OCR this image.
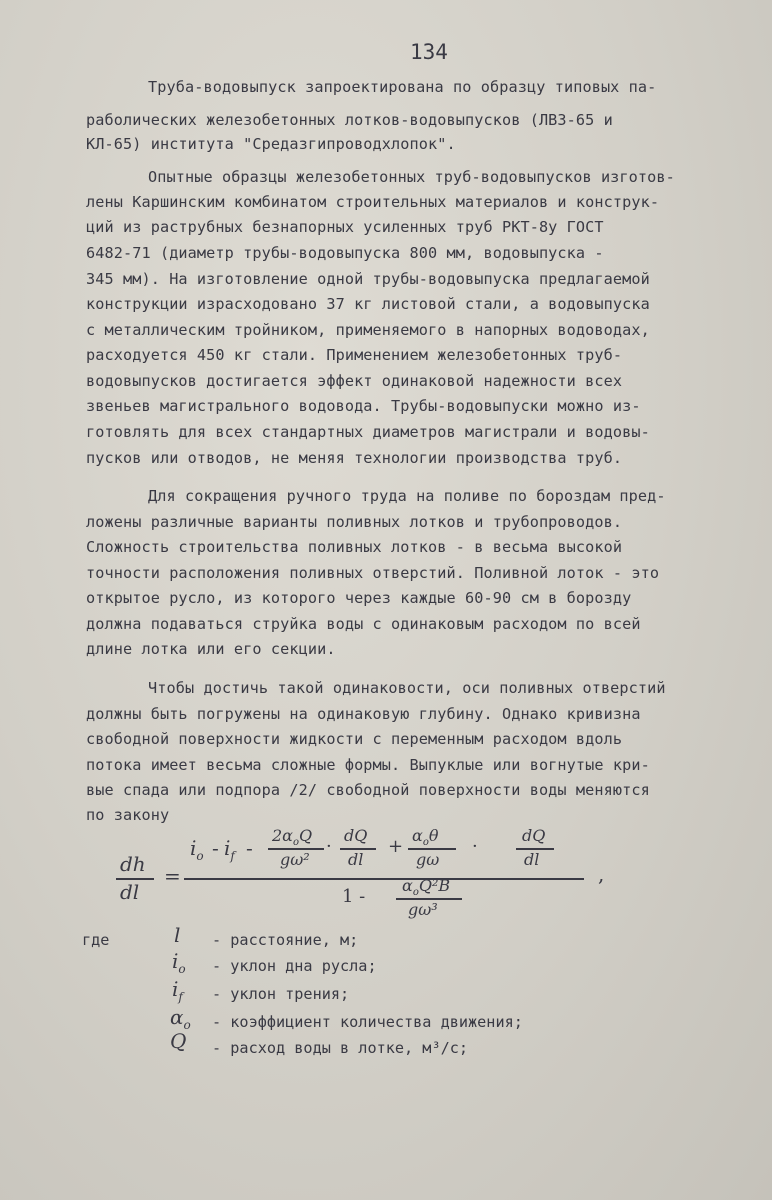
134
Труба-водовыпуск запроектирована по образцу типовых па-
раболических железобетонных лотков-водовыпусков (ЛВЗ-65 и
КЛ-65) института "Средазгипроводхлопок".
Опытные образцы железобетонных труб-водовыпусков изготов-
лены Каршинским комбинатом строительных материалов и конструк-
ций из раструбных безнапорных усиленных труб РКТ-8у ГОСТ
6482-71 (диаметр трубы-водовыпуска 800 мм, водовыпуска -
345 мм). На изготовление одной трубы-водовыпуска предлагаемой
конструкции израсходовано 37 кг листовой стали, а водовыпуска
с металлическим тройником, применяемого в напорных водоводах,
расходуется 450 кг стали. Применением железобетонных труб-
водовыпусков достигается эффект одинаковой надежности всех
звеньев магистрального водовода. Трубы-водовыпуски можно из-
готовлять для всех стандартных диаметров магистрали и водовы-
пусков или отводов, не меняя технологии производства труб.
Для сокращения ручного труда на поливе по бороздам пред-
ложены различные варианты поливных лотков и трубопроводов.
Сложность строительства поливных лотков - в весьма высокой
точности расположения поливных отверстий. Поливной лоток - это
открытое русло, из которого через каждые 60-90 см в борозду
должна подаваться струйка воды с одинаковым расходом по всей
длине лотка или его секции.
Чтобы достичь такой одинаковости, оси поливных отверстий
должны быть погружены на одинаковую глубину. Однако кривизна
свободной поверхности жидкости с переменным расходом вдоль
потока имеет весьма сложные формы. Выпуклые или вогнутые кри-
вые спада или подпора /2/ свободной поверхности воды меняются
по закону
dh
dl
=
$i_o - i_f$ -
$2\alpha_oQ$
gω²
·
dQ
dl
+
$\alpha_o\theta$
gω
·
dQ
dl
1 -
$\alpha_oQ^2B$
gω³
,
где	l - расстояние, м;
$i_o$ - уклон дна русла;
$i_f$ - уклон трения;
$\alpha_o$ - коэффициент количества движения;
Q - расход воды в лотке, м³/с;
